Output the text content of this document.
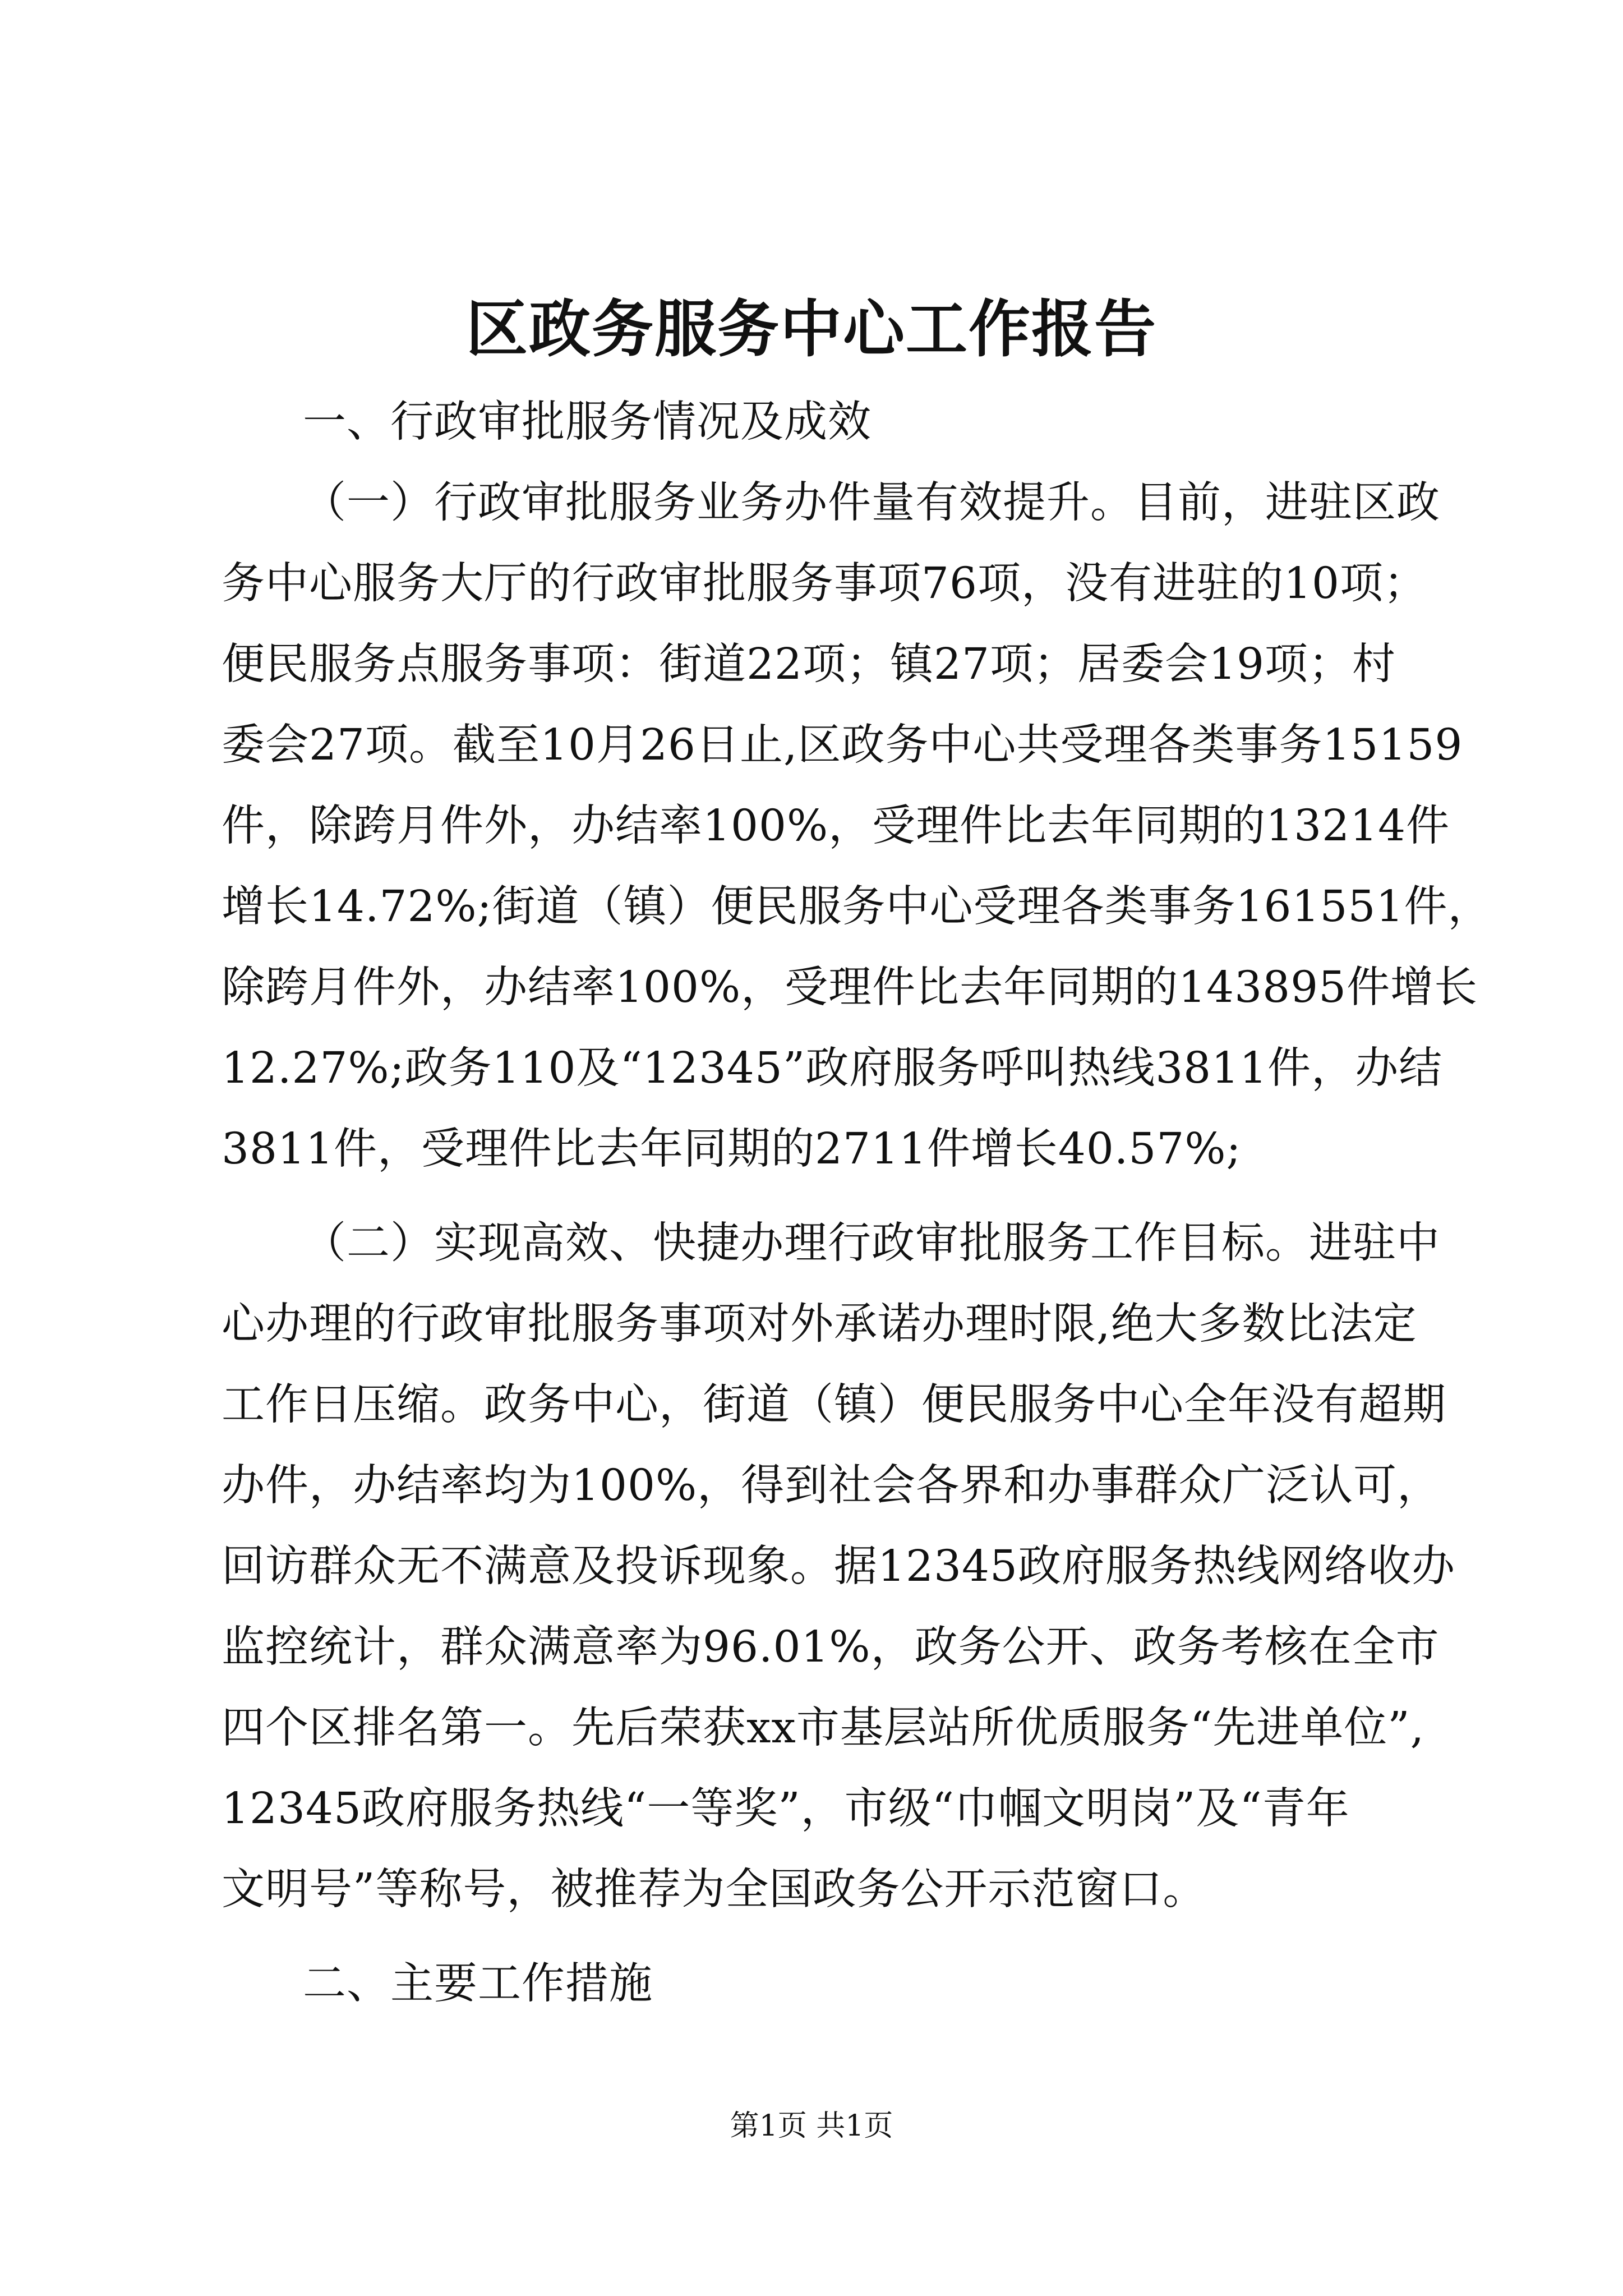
区政务服务中心工作报告
一、行政审批服务情况及成效
（一）行政审批服务业务办件量有效提升。目前，进驻区政
务中心服务大厅的行政审批服务事项76项，没有进驻的10项；
便民服务点服务事项：街道22项；镇27项；居委会19项；村
委会27项。截至10月26日止,区政务中心共受理各类事务15159
件，除跨月件外，办结率100%，受理件比去年同期的13214件
增长14.72%;街道（镇）便民服务中心受理各类事务161551件，
除跨月件外，办结率100%，受理件比去年同期的143895件增长
12.27%;政务110及“12345”政府服务呼叫热线3811件，办结
3811件，受理件比去年同期的2711件增长40.57%;
（二）实现高效、快捷办理行政审批服务工作目标。进驻中
心办理的行政审批服务事项对外承诺办理时限,绝大多数比法定
工作日压缩。政务中心，街道（镇）便民服务中心全年没有超期
办件，办结率均为100%，得到社会各界和办事群众广泛认可，
回访群众无不满意及投诉现象。据12345政府服务热线网络收办
监控统计，群众满意率为96.01%，政务公开、政务考核在全市
四个区排名第一。先后荣获xx市基层站所优质服务“先进单位”,
12345政府服务热线“一等奖”，市级“巾帼文明岗”及“青年
文明号”等称号，被推荐为全国政务公开示范窗口。
二、主要工作措施
第1页 共1页
